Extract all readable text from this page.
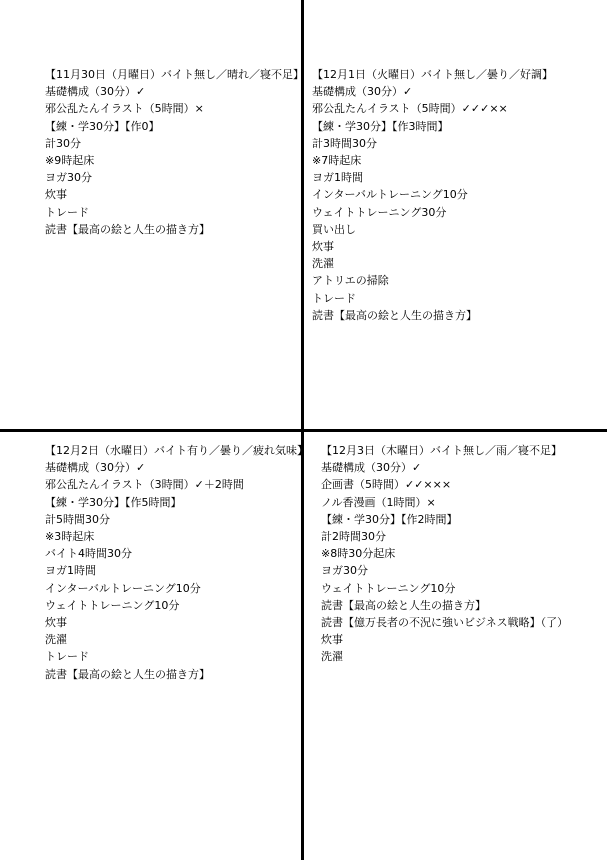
【11月30日（月曜日）バイト無し／晴れ／寝不足】
基礎構成（30分）✓
邪公乱たんイラスト（5時間）×
【練・学30分】【作0】
計30分
※9時起床
ヨガ30分
炊事
トレード
読書【最高の絵と人生の描き方】
【12月1日（火曜日）バイト無し／曇り／好調】
基礎構成（30分）✓
邪公乱たんイラスト（5時間）✓✓✓××
【練・学30分】【作3時間】
計3時間30分
※7時起床
ヨガ1時間
インターバルトレーニング10分
ウェイトトレーニング30分
買い出し
炊事
洗濯
アトリエの掃除
トレード
読書【最高の絵と人生の描き方】
【12月2日（水曜日）バイト有り／曇り／疲れ気味】
基礎構成（30分）✓
邪公乱たんイラスト（3時間）✓＋2時間
【練・学30分】【作5時間】
計5時間30分
※3時起床
バイト4時間30分
ヨガ1時間
インターバルトレーニング10分
ウェイトトレーニング10分
炊事
洗濯
トレード
読書【最高の絵と人生の描き方】
【12月3日（木曜日）バイト無し／雨／寝不足】
基礎構成（30分）✓
企画書（5時間）✓✓×××
ノル香漫画（1時間）×
【練・学30分】【作2時間】
計2時間30分
※8時30分起床
ヨガ30分
ウェイトトレーニング10分
読書【最高の絵と人生の描き方】
読書【億万長者の不況に強いビジネス戦略】（了）
炊事
洗濯
